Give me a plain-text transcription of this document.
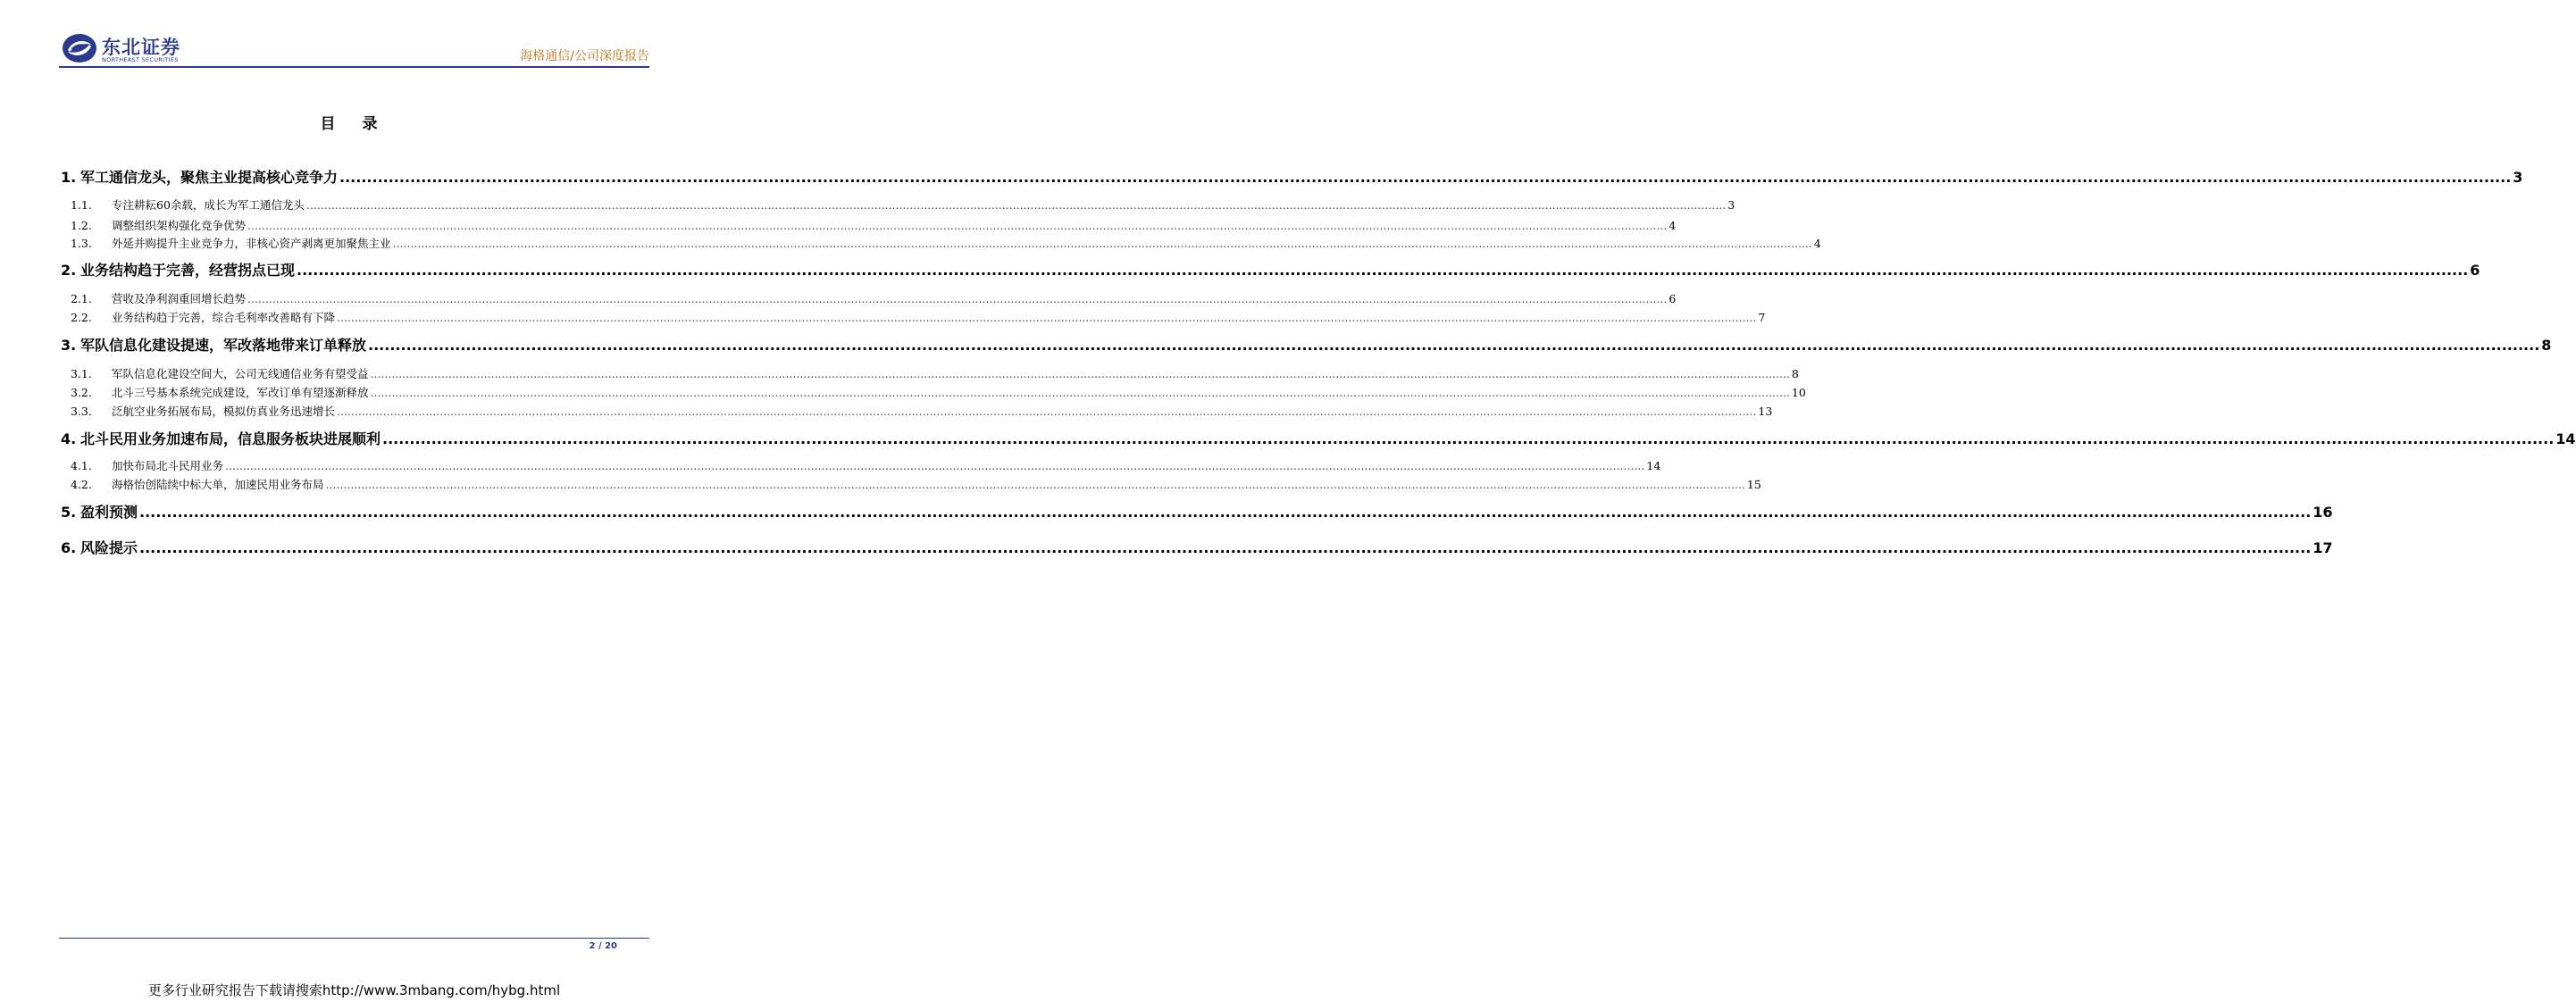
东北证券
NORTHEAST SECURITIES	海格通信/公司深度报告
目 录
1. 军工通信龙头，聚焦主业提高核心竞争力 ................................................................................................................................................................................................................................................................................................................................................................................................................ 3
1.1.	专注耕耘60余载，成长为军工通信龙头 ................................................................................................................................................................................................................................................................................................................................................................................................................ 3
1.2.	调整组织架构强化竞争优势 ................................................................................................................................................................................................................................................................................................................................................................................................................ 4
1.3.	外延并购提升主业竞争力，非核心资产剥离更加聚焦主业 ................................................................................................................................................................................................................................................................................................................................................................................................................ 4
2. 业务结构趋于完善，经营拐点已现 ................................................................................................................................................................................................................................................................................................................................................................................................................ 6
2.1.	营收及净利润重回增长趋势 ................................................................................................................................................................................................................................................................................................................................................................................................................ 6
2.2.	业务结构趋于完善，综合毛利率改善略有下降 ................................................................................................................................................................................................................................................................................................................................................................................................................ 7
3. 军队信息化建设提速，军改落地带来订单释放 ................................................................................................................................................................................................................................................................................................................................................................................................................ 8
3.1.	军队信息化建设空间大，公司无线通信业务有望受益 ................................................................................................................................................................................................................................................................................................................................................................................................................ 8
3.2.	北斗三号基本系统完成建设，军改订单有望逐渐释放 ................................................................................................................................................................................................................................................................................................................................................................................................................ 10
3.3.	泛航空业务拓展布局，模拟仿真业务迅速增长 ................................................................................................................................................................................................................................................................................................................................................................................................................ 13
4. 北斗民用业务加速布局，信息服务板块进展顺利 ................................................................................................................................................................................................................................................................................................................................................................................................................ 14
4.1.	加快布局北斗民用业务 ................................................................................................................................................................................................................................................................................................................................................................................................................ 14
4.2.	海格怡创陆续中标大单，加速民用业务布局 ................................................................................................................................................................................................................................................................................................................................................................................................................ 15
5. 盈利预测 ................................................................................................................................................................................................................................................................................................................................................................................................................ 16
6. 风险提示 ................................................................................................................................................................................................................................................................................................................................................................................................................ 17
2 / 20
更多行业研究报告下载请搜索http://www.3mbang.com/hybg.html
